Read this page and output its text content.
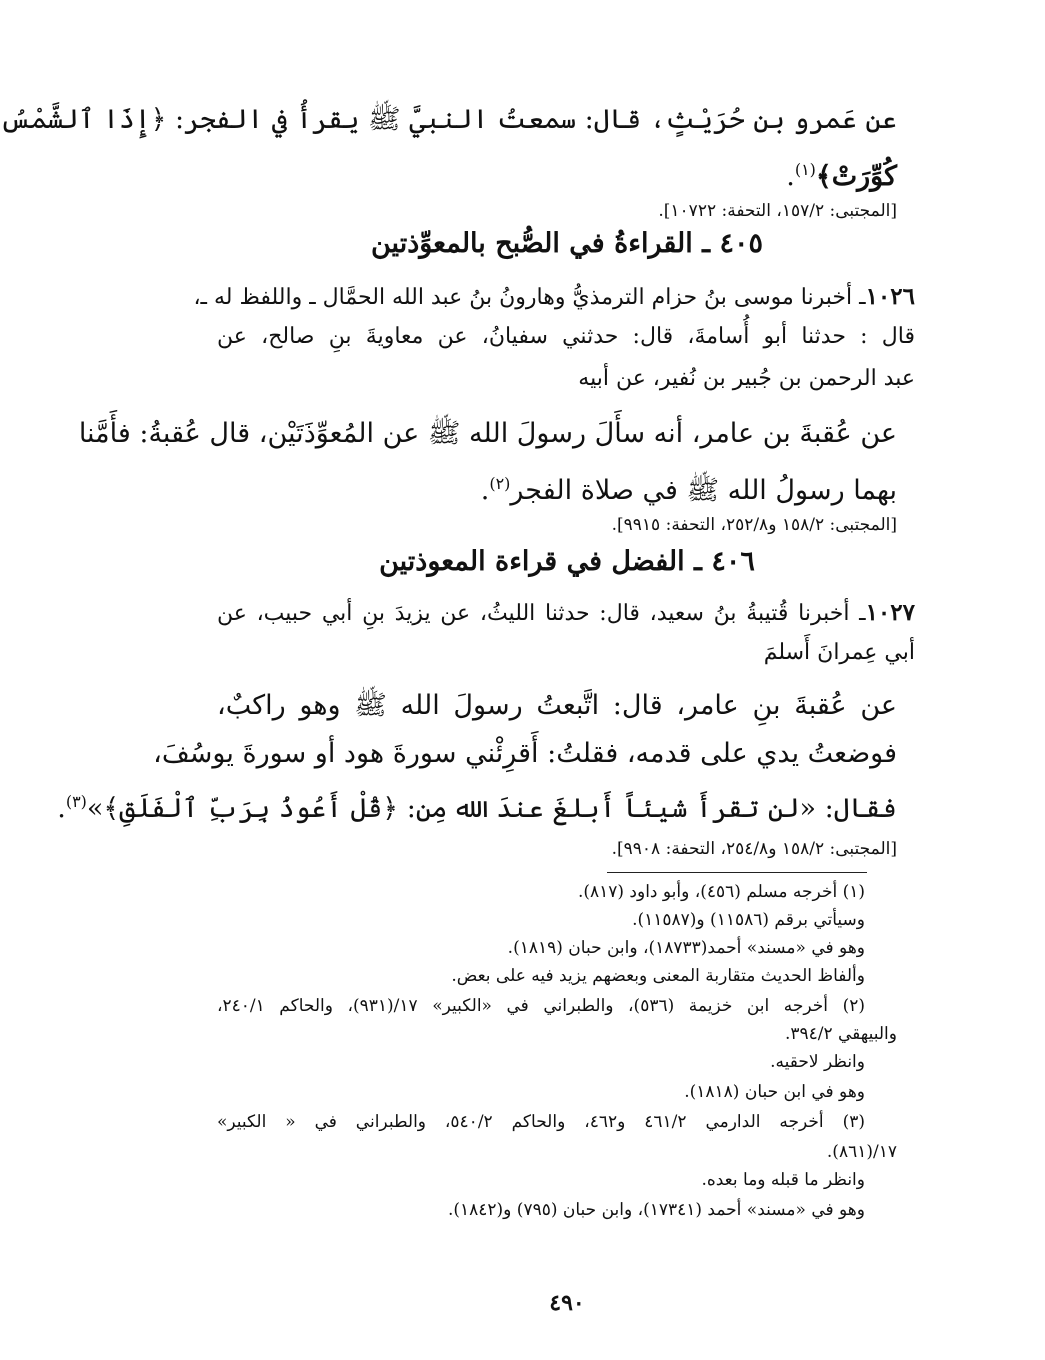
عن عَمرو بن حُرَيْثٍ، قال: سمعتُ النبيَّ ﷺ يقرأُ في الفجر: ﴿إِذَا ٱلشَّمْسُ
كُوِّرَتْ﴾$^{(١)}$.
[المجتبى: ١٥٧/٢، التحفة: ١٠٧٢٢].
٤٠٥ ـ القراءةُ في الصُّبح بالمعوِّذتين
١٠٢٦ـ أخبرنا موسى بنُ حزام الترمذيُّ وهارونُ بنُ عبد الله الحمَّال ـ واللفظ له ـ،
قال : حدثنا أبو أُسامةَ، قال: حدثني سفيانُ، عن معاويةَ بنِ صالح، عن
عبد الرحمن بن جُبير بن نُفير، عن أبيه
عن عُقبةَ بن عامر، أنه سأَلَ رسولَ الله ﷺ عن المُعوِّذَتَيْن، قال عُقبةُ: فأَمَّنا
بهما رسولُ الله ﷺ في صلاة الفجر$^{(٢)}$.
[المجتبى: ١٥٨/٢ و٢٥٢/٨، التحفة: ٩٩١٥].
٤٠٦ ـ الفضل في قراءة المعوذتين
١٠٢٧ـ أخبرنا قُتيبةُ بنُ سعيد، قال: حدثنا الليثُ، عن يزيدَ بنِ أبي حبيب، عن
أبي عِمرانَ أَسلمَ
عن عُقبةَ بنِ عامر، قال: اتَّبعتُ رسولَ الله ﷺ وهو راكبٌ،
فوضعتُ يدي على قدمه، فقلتُ: أَقرِئْني سورةَ هود أو سورةَ يوسُفَ،
فقال: «لن تقرأَ شيئاً أَبلغَ عندَ الله مِن: ﴿قُلْ أَعُوذُ بِرَبِّ ٱلْفَلَقِ﴾»$^{(٣)}$.
[المجتبى: ١٥٨/٢ و٢٥٤/٨، التحفة: ٩٩٠٨].
(١) أخرجه مسلم (٤٥٦)، وأبو داود (٨١٧).
وسيأتي برقم (١١٥٨٦) و(١١٥٨٧).
وهو في «مسند» أحمد(١٨٧٣٣)، وابن حبان (١٨١٩).
وألفاظ الحديث متقاربة المعنى وبعضهم يزيد فيه على بعض.
(٢) أخرجه ابن خزيمة (٥٣٦)، والطبراني في «الكبير» ١٧/(٩٣١)، والحاكم ٢٤٠/١،
والبيهقي ٣٩٤/٢.
وانظر لاحقيه.
وهو في ابن حبان (١٨١٨).
(٣) أخرجه الدارمي ٤٦١/٢ و٤٦٢، والحاكم ٥٤٠/٢، والطبراني في « الكبير»
١٧/(٨٦١).
وانظر ما قبله وما بعده.
وهو في «مسند» أحمد (١٧٣٤١)، وابن حبان (٧٩٥) و(١٨٤٢).
٤٩٠
